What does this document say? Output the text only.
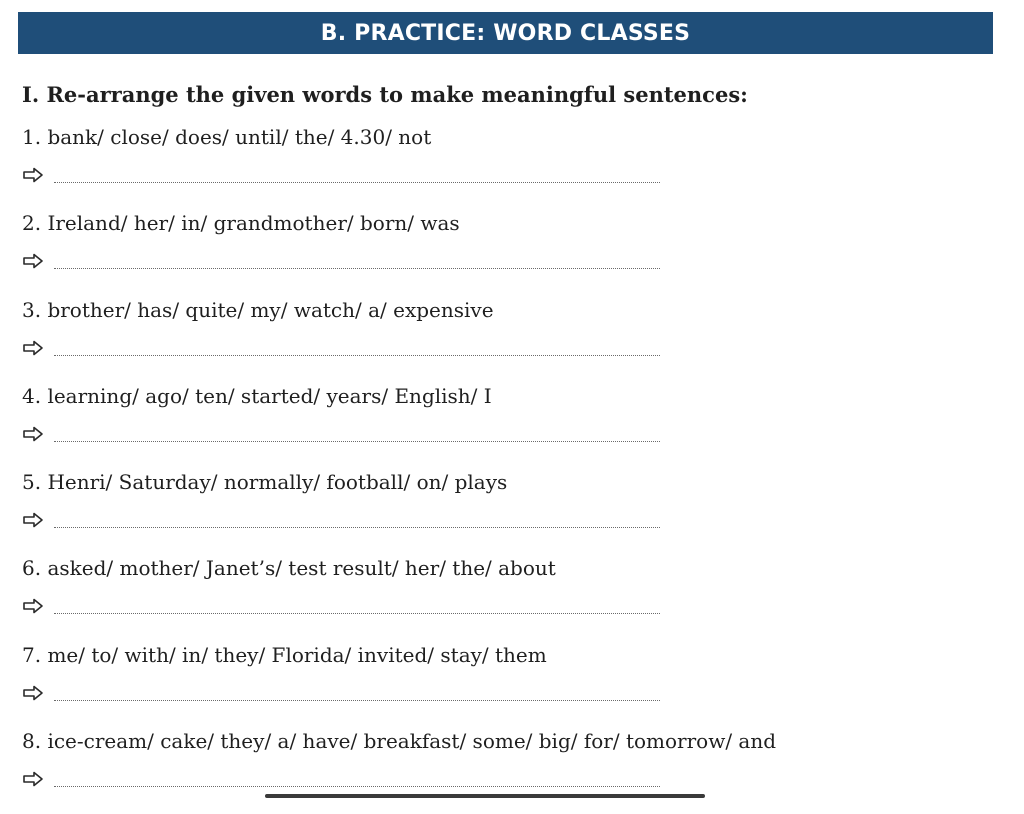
B. PRACTICE: WORD CLASSES

I. Re-arrange the given words to make meaningful sentences:

1. bank/ close/ does/ until/ the/ 4.30/ not

2. Ireland/ her/ in/ grandmother/ born/ was

3. brother/ has/ quite/ my/ watch/ a/ expensive

4. learning/ ago/ ten/ started/ years/ English/ I

5. Henri/ Saturday/ normally/ football/ on/ plays

6. asked/ mother/ Janet’s/ test result/ her/ the/ about

7. me/ to/ with/ in/ they/ Florida/ invited/ stay/ them

8. ice-cream/ cake/ they/ a/ have/ breakfast/ some/ big/ for/ tomorrow/ and
